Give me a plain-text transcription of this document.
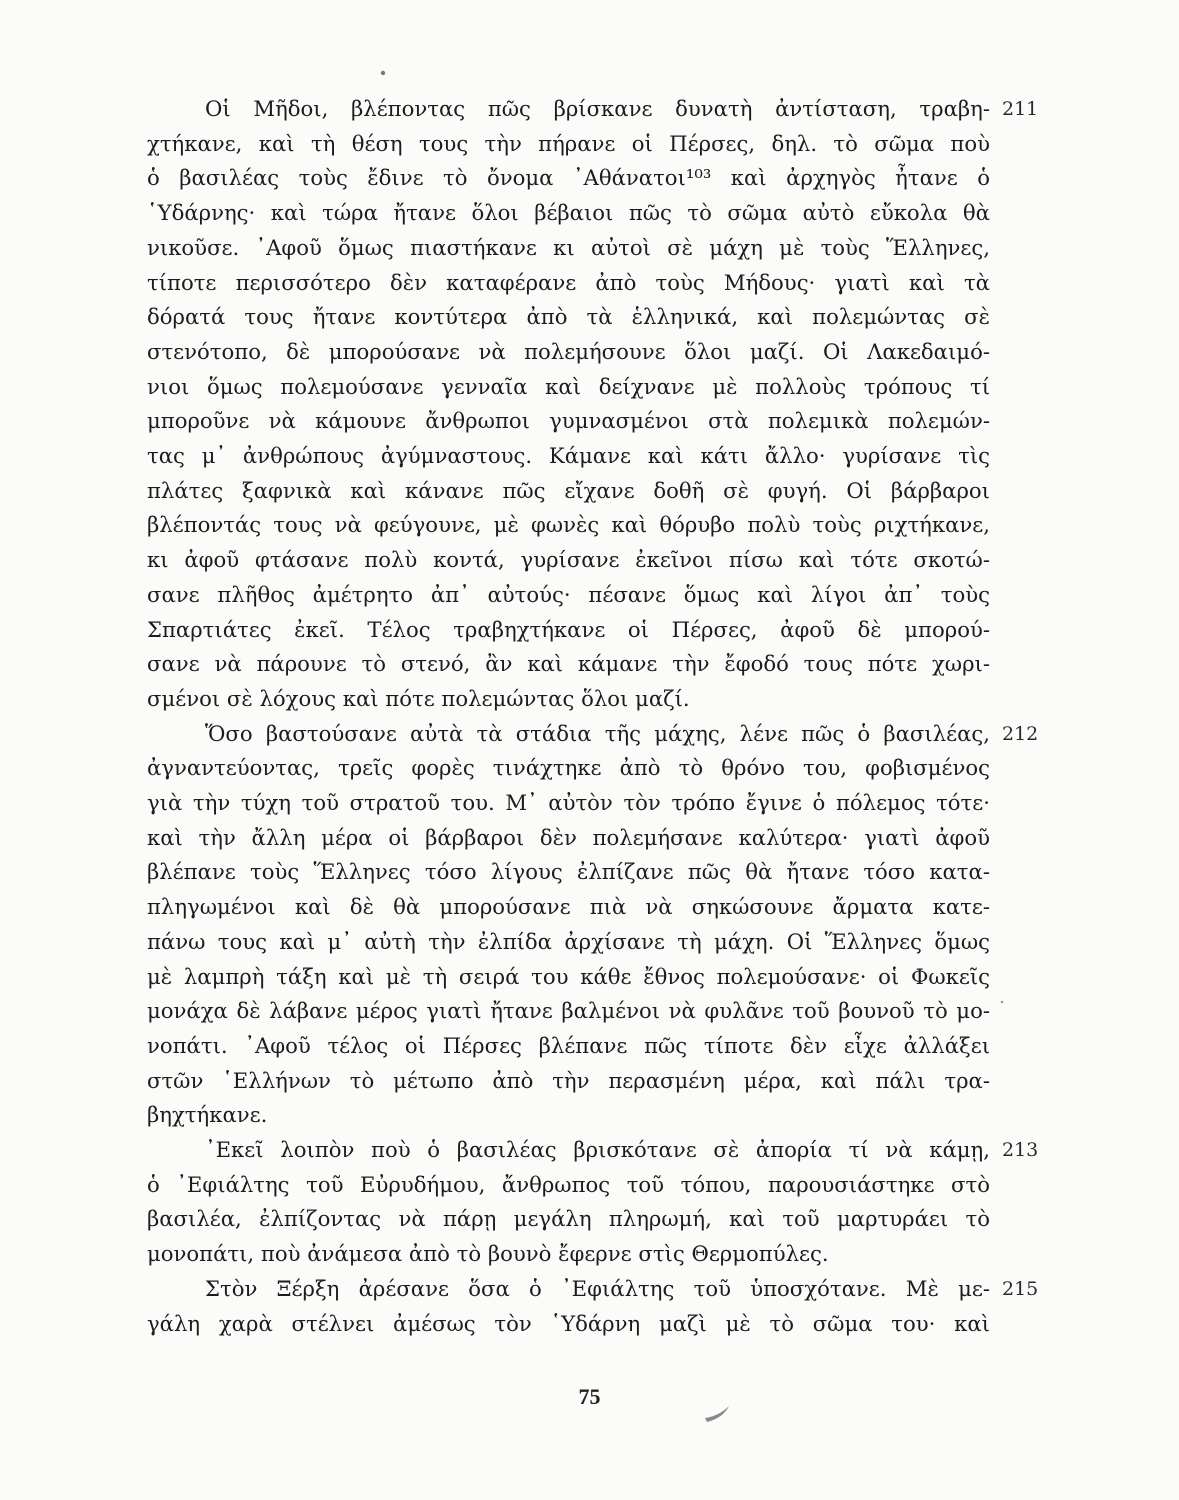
Οἱ Μῆδοι, βλέποντας πῶς βρίσκανε δυνατὴ ἀντίσταση, τραβη- 211
χτήκανε, καὶ τὴ θέση τους τὴν πήρανε οἱ Πέρσες, δηλ. τὸ σῶμα ποὺ
ὁ βασιλέας τοὺς ἔδινε τὸ ὄνομα ᾿Αθάνατοι¹⁰³ καὶ ἀρχηγὸς ἦτανε ὁ
῾Υδάρνης· καὶ τώρα ἤτανε ὅλοι βέβαιοι πῶς τὸ σῶμα αὐτὸ εὔκολα θὰ
νικοῦσε. ᾿Αφοῦ ὅμως πιαστήκανε κι αὐτοὶ σὲ μάχη μὲ τοὺς Ἕλληνες,
τίποτε περισσότερο δὲν καταφέρανε ἀπὸ τοὺς Μήδους· γιατὶ καὶ τὰ
δόρατά τους ἤτανε κοντύτερα ἀπὸ τὰ ἑλληνικά, καὶ πολεμώντας σὲ
στενότοπο, δὲ μπορούσανε νὰ πολεμήσουνε ὅλοι μαζί. Οἱ Λακεδαιμό-
νιοι ὅμως πολεμούσανε γενναῖα καὶ δείχνανε μὲ πολλοὺς τρόπους τί
μποροῦνε νὰ κάμουνε ἄνθρωποι γυμνασμένοι στὰ πολεμικὰ πολεμών-
τας μ᾿ ἀνθρώπους ἀγύμναστους. Κάμανε καὶ κάτι ἄλλο· γυρίσανε τὶς
πλάτες ξαφνικὰ καὶ κάνανε πῶς εἴχανε δοθῆ σὲ φυγή. Οἱ βάρβαροι
βλέποντάς τους νὰ φεύγουνε, μὲ φωνὲς καὶ θόρυβο πολὺ τοὺς ριχτήκανε,
κι ἀφοῦ φτάσανε πολὺ κοντά, γυρίσανε ἐκεῖνοι πίσω καὶ τότε σκοτώ-
σανε πλῆθος ἀμέτρητο ἀπ᾿ αὐτούς· πέσανε ὅμως καὶ λίγοι ἀπ᾿ τοὺς
Σπαρτιάτες ἐκεῖ. Τέλος τραβηχτήκανε οἱ Πέρσες, ἀφοῦ δὲ μπορού-
σανε νὰ πάρουνε τὸ στενό, ἂν καὶ κάμανε τὴν ἔφοδό τους πότε χωρι-
σμένοι σὲ λόχους καὶ πότε πολεμώντας ὅλοι μαζί.
Ὅσο βαστούσανε αὐτὰ τὰ στάδια τῆς μάχης, λένε πῶς ὁ βασιλέας, 212
ἀγναντεύοντας, τρεῖς φορὲς τινάχτηκε ἀπὸ τὸ θρόνο του, φοβισμένος
γιὰ τὴν τύχη τοῦ στρατοῦ του. Μ᾿ αὐτὸν τὸν τρόπο ἔγινε ὁ πόλεμος τότε·
καὶ τὴν ἄλλη μέρα οἱ βάρβαροι δὲν πολεμήσανε καλύτερα· γιατὶ ἀφοῦ
βλέπανε τοὺς Ἕλληνες τόσο λίγους ἐλπίζανε πῶς θὰ ἤτανε τόσο κατα-
πληγωμένοι καὶ δὲ θὰ μπορούσανε πιὰ νὰ σηκώσουνε ἄρματα κατε-
πάνω τους καὶ μ᾿ αὐτὴ τὴν ἐλπίδα ἀρχίσανε τὴ μάχη. Οἱ Ἕλληνες ὅμως
μὲ λαμπρὴ τάξη καὶ μὲ τὴ σειρά του κάθε ἔθνος πολεμούσανε· οἱ Φωκεῖς
μονάχα δὲ λάβανε μέρος γιατὶ ἤτανε βαλμένοι νὰ φυλᾶνε τοῦ βουνοῦ τὸ μο-
νοπάτι. ᾿Αφοῦ τέλος οἱ Πέρσες βλέπανε πῶς τίποτε δὲν εἶχε ἀλλάξει
στῶν ῾Ελλήνων τὸ μέτωπο ἀπὸ τὴν περασμένη μέρα, καὶ πάλι τρα-
βηχτήκανε.
᾿Εκεῖ λοιπὸν ποὺ ὁ βασιλέας βρισκότανε σὲ ἀπορία τί νὰ κάμῃ, 213
ὁ ᾿Εφιάλτης τοῦ Εὐρυδήμου, ἄνθρωπος τοῦ τόπου, παρουσιάστηκε στὸ
βασιλέα, ἐλπίζοντας νὰ πάρῃ μεγάλη πληρωμή, καὶ τοῦ μαρτυράει τὸ
μονοπάτι, ποὺ ἀνάμεσα ἀπὸ τὸ βουνὸ ἔφερνε στὶς Θερμοπύλες.
Στὸν Ξέρξη ἀρέσανε ὅσα ὁ ᾿Εφιάλτης τοῦ ὑποσχότανε. Μὲ με- 215
γάλη χαρὰ στέλνει ἀμέσως τὸν ῾Υδάρνη μαζὶ μὲ τὸ σῶμα του· καὶ
75
